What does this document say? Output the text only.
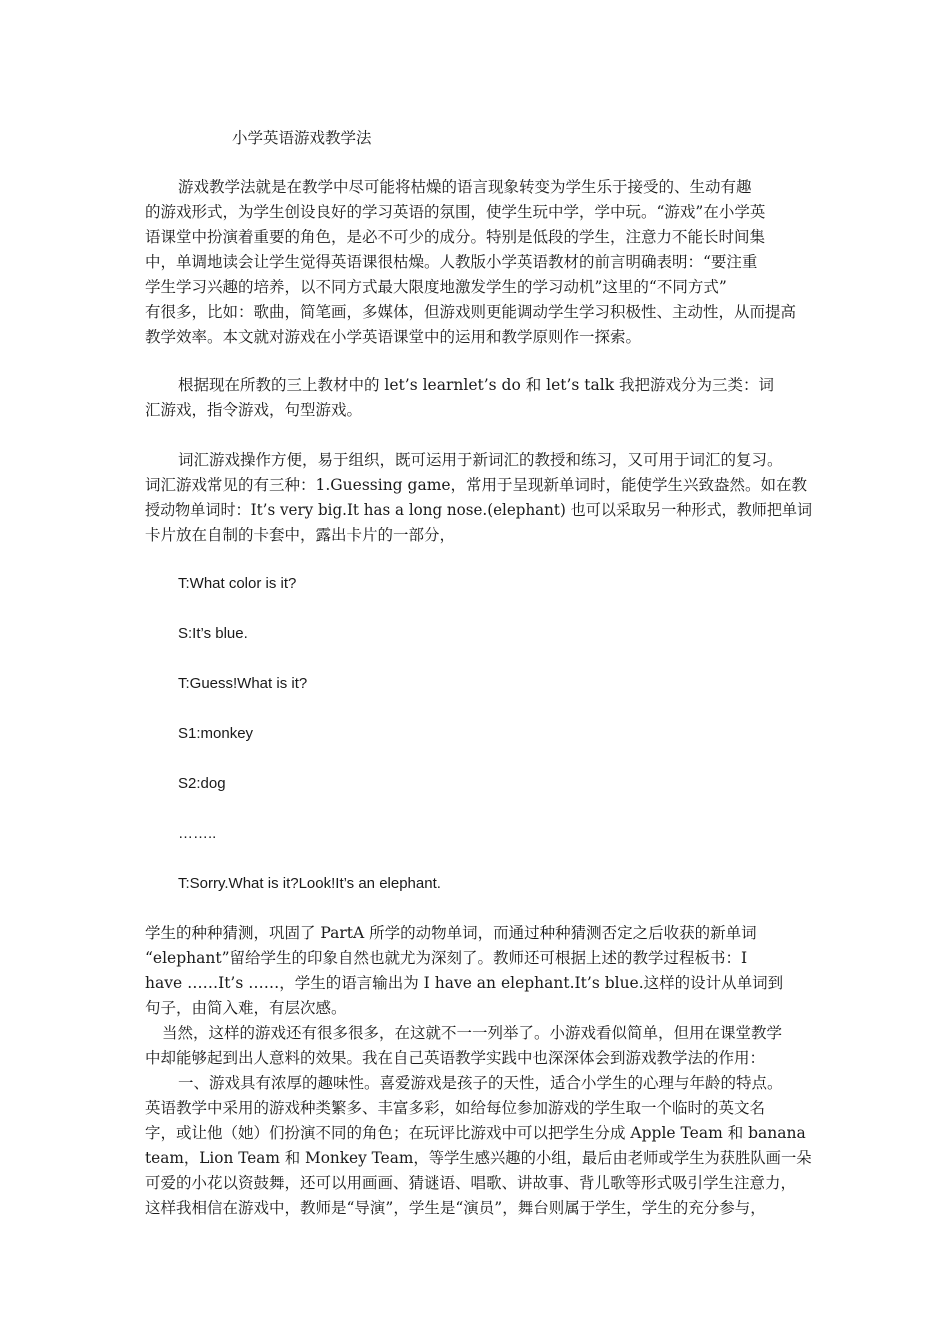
小学英语游戏教学法
游戏教学法就是在教学中尽可能将枯燥的语言现象转变为学生乐于接受的、生动有趣
的游戏形式，为学生创设良好的学习英语的氛围，使学生玩中学，学中玩。“游戏”在小学英
语课堂中扮演着重要的角色，是必不可少的成分。特别是低段的学生，注意力不能长时间集
中，单调地读会让学生觉得英语课很枯燥。人教版小学英语教材的前言明确表明：“要注重
学生学习兴趣的培养，以不同方式最大限度地激发学生的学习动机”这里的“不同方式”
有很多，比如：歌曲，简笔画，多媒体，但游戏则更能调动学生学习积极性、主动性，从而提高
教学效率。本文就对游戏在小学英语课堂中的运用和教学原则作一探索。
根据现在所教的三上教材中的 let’s learnlet’s do 和 let’s talk 我把游戏分为三类：词
汇游戏，指令游戏，句型游戏。
词汇游戏操作方便，易于组织，既可运用于新词汇的教授和练习，又可用于词汇的复习。
词汇游戏常见的有三种：1.Guessing game，常用于呈现新单词时，能使学生兴致盎然。如在教
授动物单词时：It’s very big.It has a long nose.(elephant) 也可以采取另一种形式，教师把单词
卡片放在自制的卡套中，露出卡片的一部分，
T:What color is it?
S:It’s blue.
T:Guess!What is it?
S1:monkey
S2:dog
……..
T:Sorry.What is it?Look!It’s an elephant.
学生的种种猜测，巩固了 PartA 所学的动物单词，而通过种种猜测否定之后收获的新单词
“elephant”留给学生的印象自然也就尤为深刻了。教师还可根据上述的教学过程板书：I
have ……It’s ……，学生的语言输出为 I have an elephant.It’s blue.这样的设计从单词到
句子，由简入难，有层次感。
当然，这样的游戏还有很多很多，在这就不一一列举了。小游戏看似简单，但用在课堂教学
中却能够起到出人意料的效果。我在自己英语教学实践中也深深体会到游戏教学法的作用：
一、游戏具有浓厚的趣味性。喜爱游戏是孩子的天性，适合小学生的心理与年龄的特点。
英语教学中采用的游戏种类繁多、丰富多彩，如给每位参加游戏的学生取一个临时的英文名
字，或让他（她）们扮演不同的角色；在玩评比游戏中可以把学生分成 Apple Team 和 banana
team，Lion Team 和 Monkey Team，等学生感兴趣的小组，最后由老师或学生为获胜队画一朵
可爱的小花以资鼓舞，还可以用画画、猜谜语、唱歌、讲故事、背儿歌等形式吸引学生注意力，
这样我相信在游戏中，教师是“导演”，学生是“演员”，舞台则属于学生，学生的充分参与，
